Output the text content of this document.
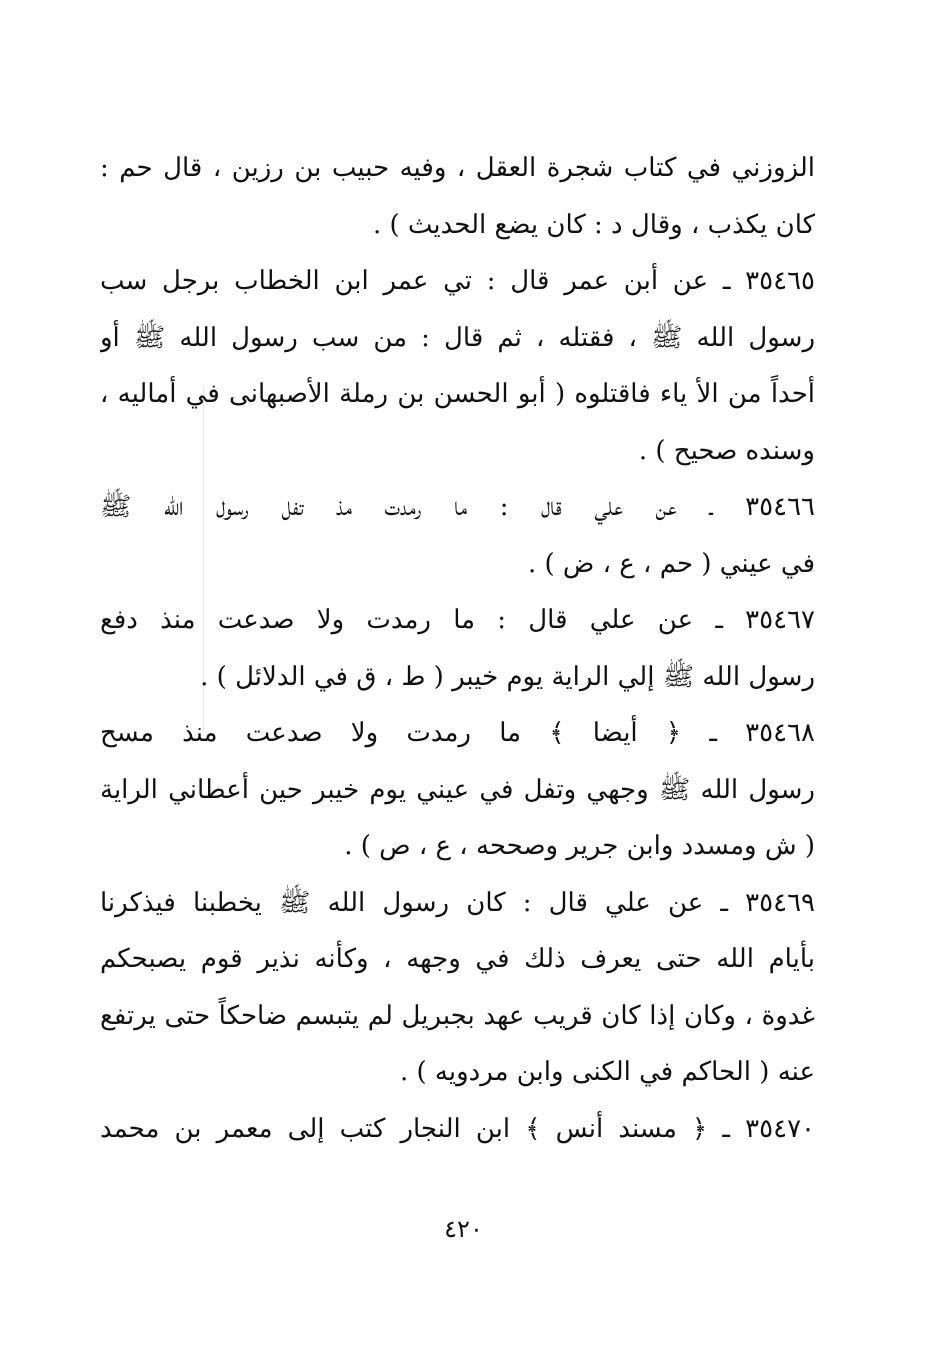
الزوزني في كتاب شجرة العقل ، وفيه حبيب بن رزين ، قال حم :
كان يكذب ، وقال د : كان يضع الحديث ) .
٣٥٤٦٥ ـ عن أبن عمر قال : تي عمر ابن الخطاب برجل سب
رسول الله ﷺ ، فقتله ، ثم قال : من سب رسول الله ﷺ أو
أحداً من الأ ياء فاقتلوه ( أبو الحسن بن رملة الأصبهانى في أماليه ،
وسنده صحيح ) .
٣٥٤٦٦ ـ عن علي قال : ما رمدت مذ تفل رسول الله ﷺ
في عيني ( حم ، ع ، ض ) .
٣٥٤٦٧ ـ عن علي قال : ما رمدت ولا صدعت منذ دفع
رسول الله ﷺ إلي الراية يوم خيبر ( ط ، ق في الدلائل ) .
٣٥٤٦٨ ـ ﴿ أيضا ﴾ ما رمدت ولا صدعت منذ مسح
رسول الله ﷺ وجهي وتفل في عيني يوم خيبر حين أعطاني الراية
( ش ومسدد وابن جرير وصححه ، ع ، ص ) .
٣٥٤٦٩ ـ عن علي قال : كان رسول الله ﷺ يخطبنا فيذكرنا
بأيام الله حتى يعرف ذلك في وجهه ، وكأنه نذير قوم يصبحكم
غدوة ، وكان إذا كان قريب عهد بجبريل لم يتبسم ضاحكاً حتى يرتفع
عنه ( الحاكم في الكنى وابن مردويه ) .
٣٥٤٧٠ ـ ﴿ مسند أنس ﴾ ابن النجار كتب إلى معمر بن محمد
٤٢٠
